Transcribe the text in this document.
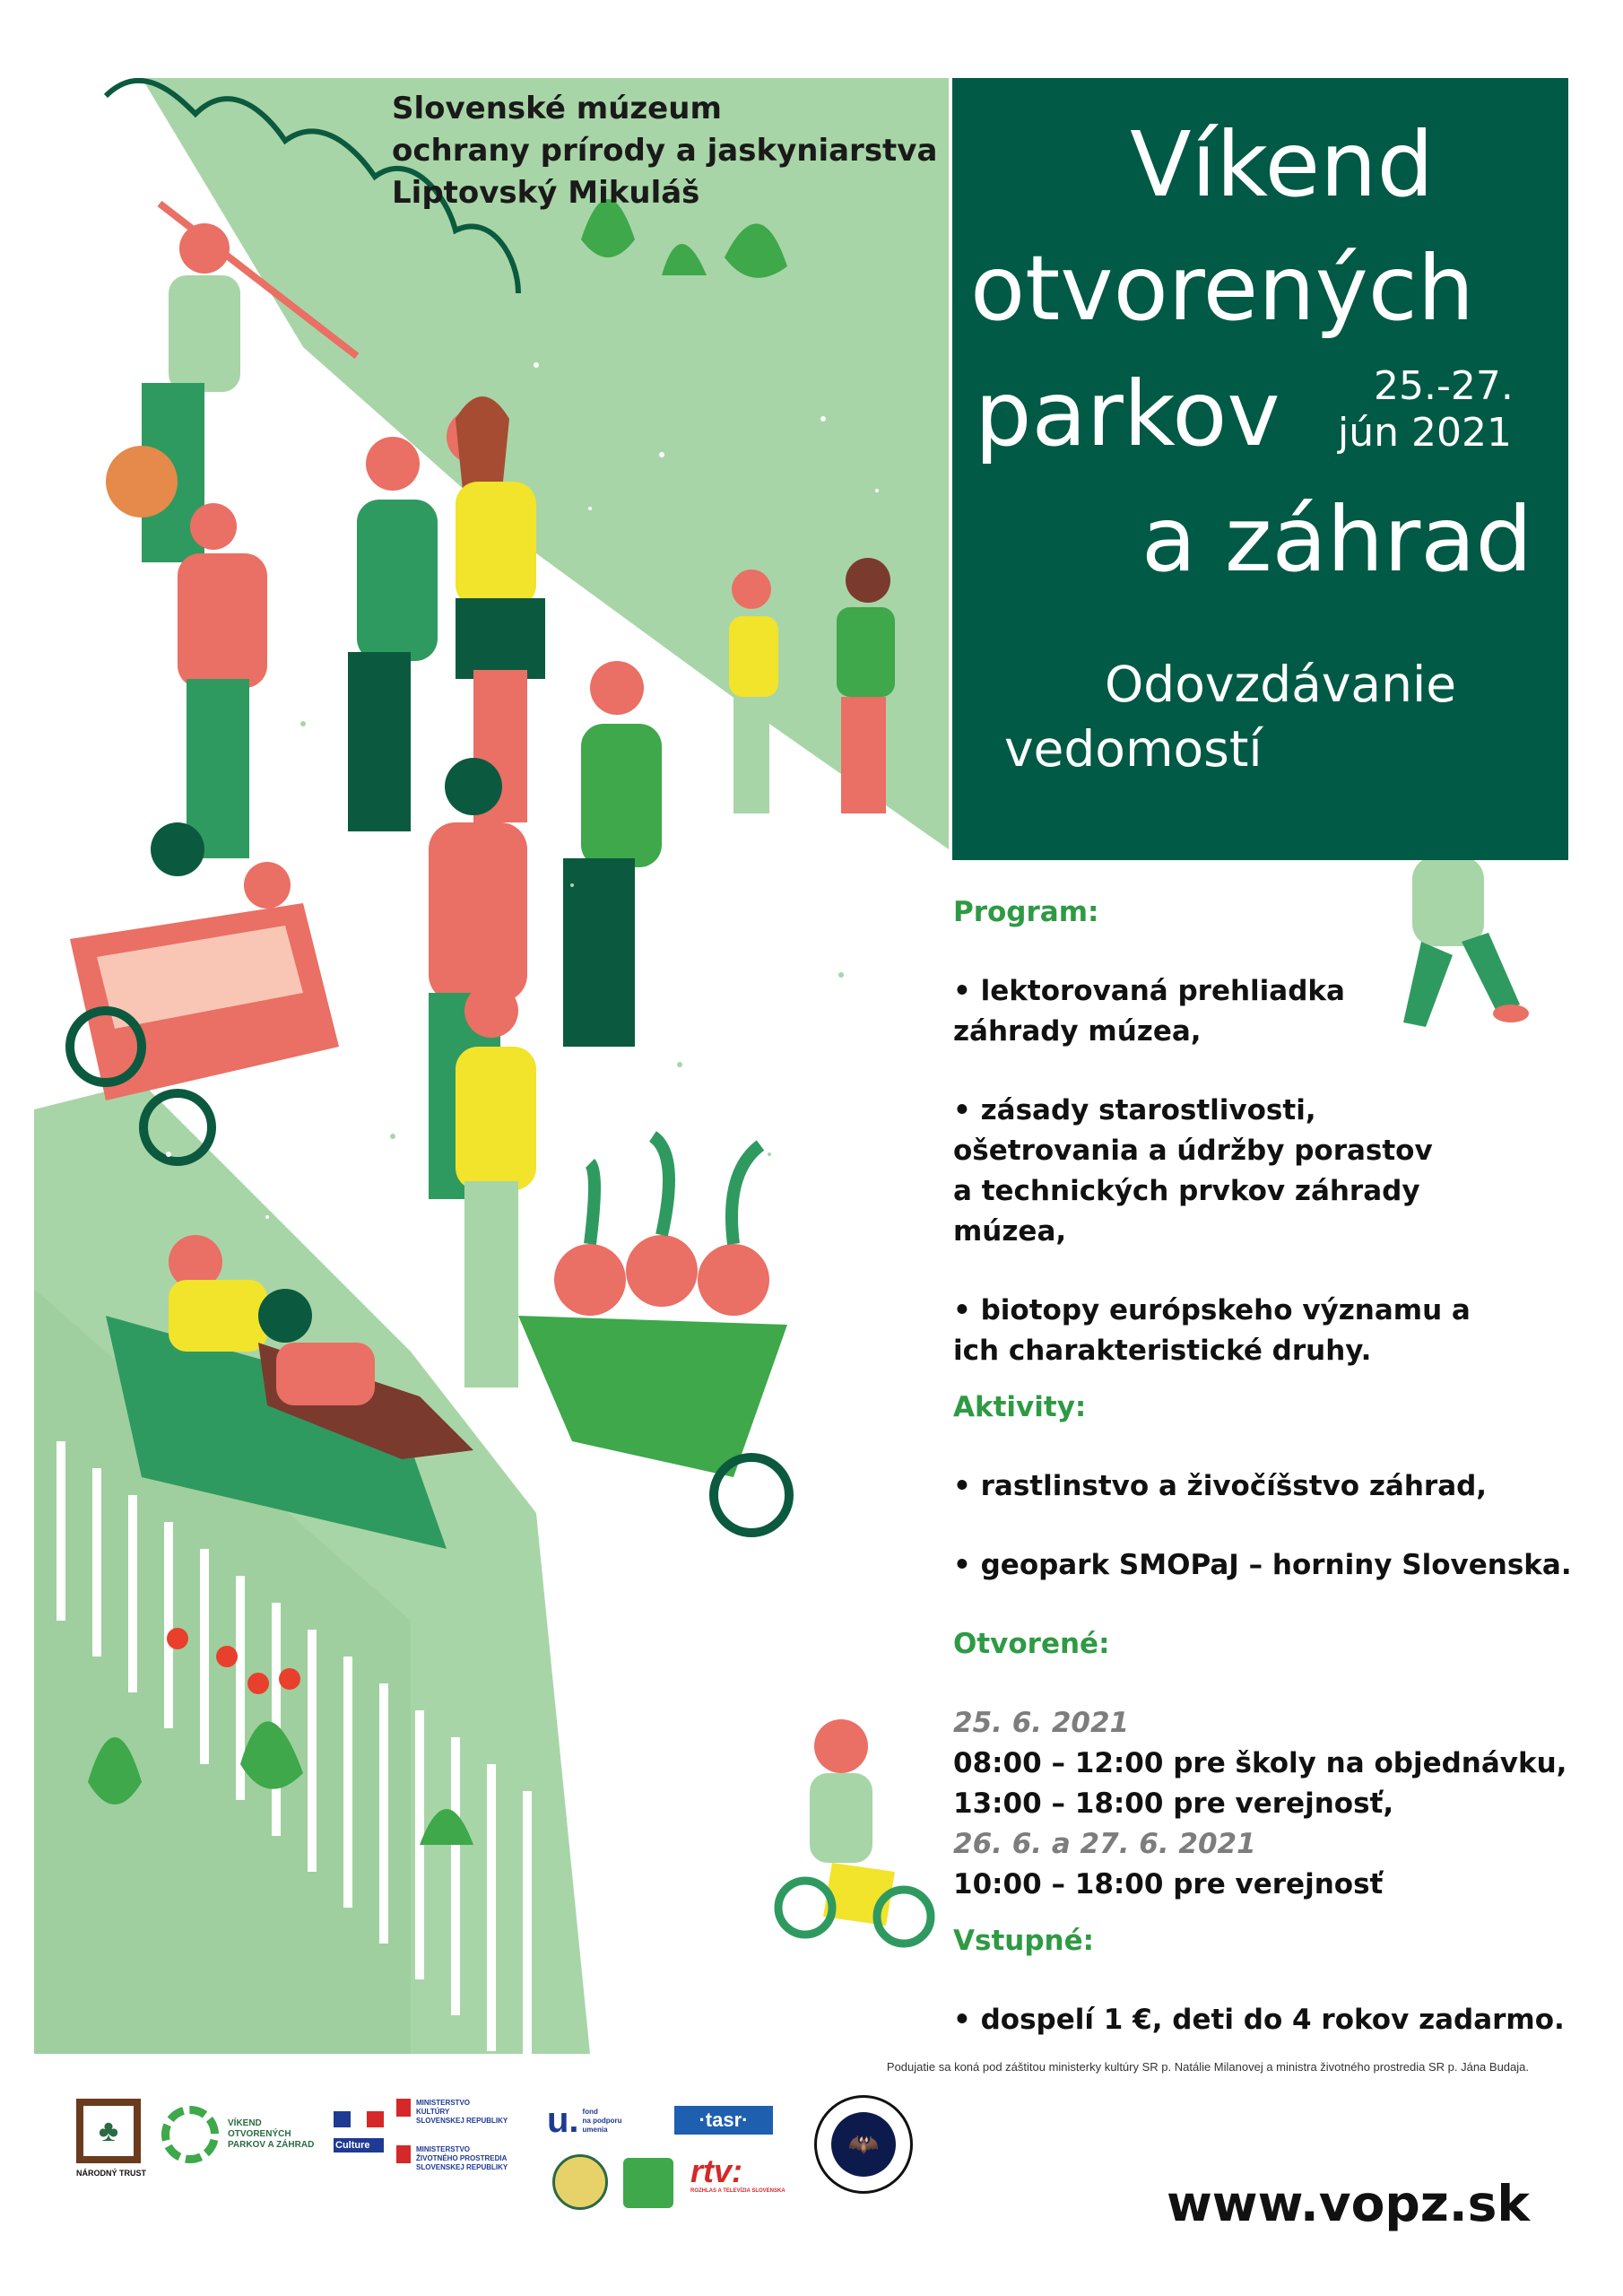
Slovenské múzeum
ochrany prírody a jaskyniarstva
Liptovský Mikuláš	Víkend
otvorených
parkov	25.-27.
jún 2021
a záhrad
Odovzdávanie
vedomostí
Program:
• lektorovaná prehliadka záhrady múzea,
• zásady starostlivosti, ošetrovania a údržby porastov a technických prvkov záhrady múzea,
• biotopy európskeho významu a ich charakteristické druhy.
Aktivity:
• rastlinstvo a živočíšstvo záhrad,
• geopark SMOPaJ – horniny Slovenska.
Otvorené:
25. 6. 2021
08:00 – 12:00 pre školy na objednávku,
13:00 – 18:00 pre verejnosť,
26. 6. a 27. 6. 2021
10:00 – 18:00 pre verejnosť
Vstupné:
• dospelí 1 €, deti do 4 rokov zadarmo.
Podujatie sa koná pod záštitou ministerky kultúry SR p. Natálie Milanovej a ministra životného prostredia SR p. Jána Budaja.
♣
NÁRODNÝ TRUST
VÍKEND
OTVORENÝCH
PARKOV A ZÁHRAD Culture
MINISTERSTVO
KULTÚRY
SLOVENSKEJ REPUBLIKY
MINISTERSTVO
ŽIVOTNÉHO PROSTREDIA
SLOVENSKEJ REPUBLIKY
u. fond
na podporu
umenia	·tasr·
rtv:
ROZHLAS A TELEVÍZIA SLOVENSKA
🦇
www.vopz.sk
